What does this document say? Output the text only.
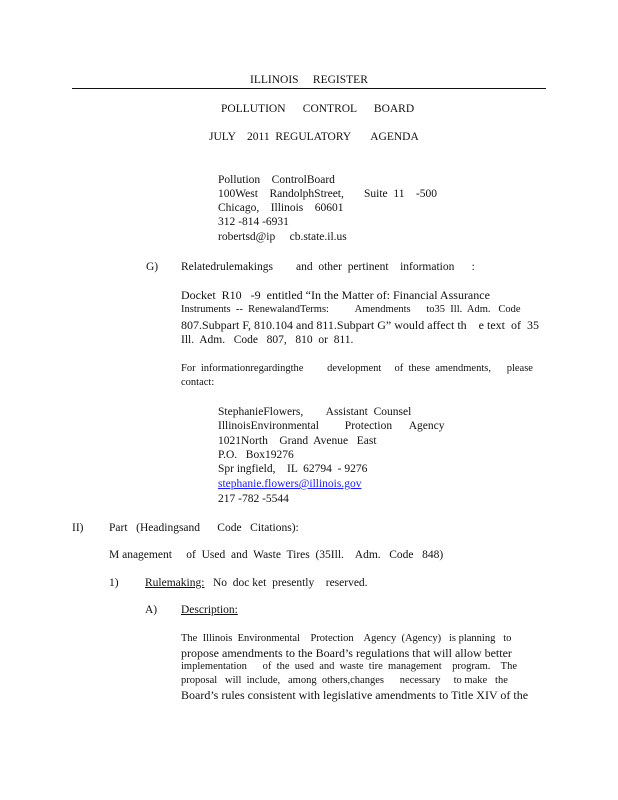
ILLINOIS     REGISTER
POLLUTION      CONTROL      BOARD
JULY    2011  REGULATORY       AGENDA
Pollution    ControlBoard
100West    RandolphStreet,       Suite  11    -500
Chicago,    Illinois    60601
312 -814 -6931
robertsd@ip     cb.state.il.us
G) Relatedrulemakings        and  other  pertinent    information      :
Docket  R10   -9  entitled “In the Matter of: Financial Assurance
Instruments  --  RenewalandTerms:          Amendments      to35  Ill.  Adm.   Code
807.Subpart F, 810.104 and 811.Subpart G” would affect th    e text  of  35
Ill.  Adm.   Code   807,   810  or  811.
For  informationregardingthe         development     of  these  amendments,      please
contact:
StephanieFlowers,        Assistant  Counsel
IllinoisEnvironmental         Protection      Agency
1021North    Grand  Avenue   East
P.O.   Box19276
Spr ingfield,    IL  62794  - 9276
stephanie.flowers@illinois.gov
217 -782 -5544
II) Part   (Headingsand      Code   Citations):
M anagement     of  Used  and  Waste  Tires  (35Ill.    Adm.   Code   848)
1) Rulemaking: No  doc ket  presently    reserved.
A) Description:
The  Illinois  Environmental    Protection    Agency  (Agency)   is planning   to
propose amendments to the Board’s regulations that will allow better
implementation      of  the  used  and  waste  tire  management    program.    The
proposal   will  include,   among  others,changes      necessary     to make   the
Board’s rules consistent with legislative amendments to Title XIV of the
